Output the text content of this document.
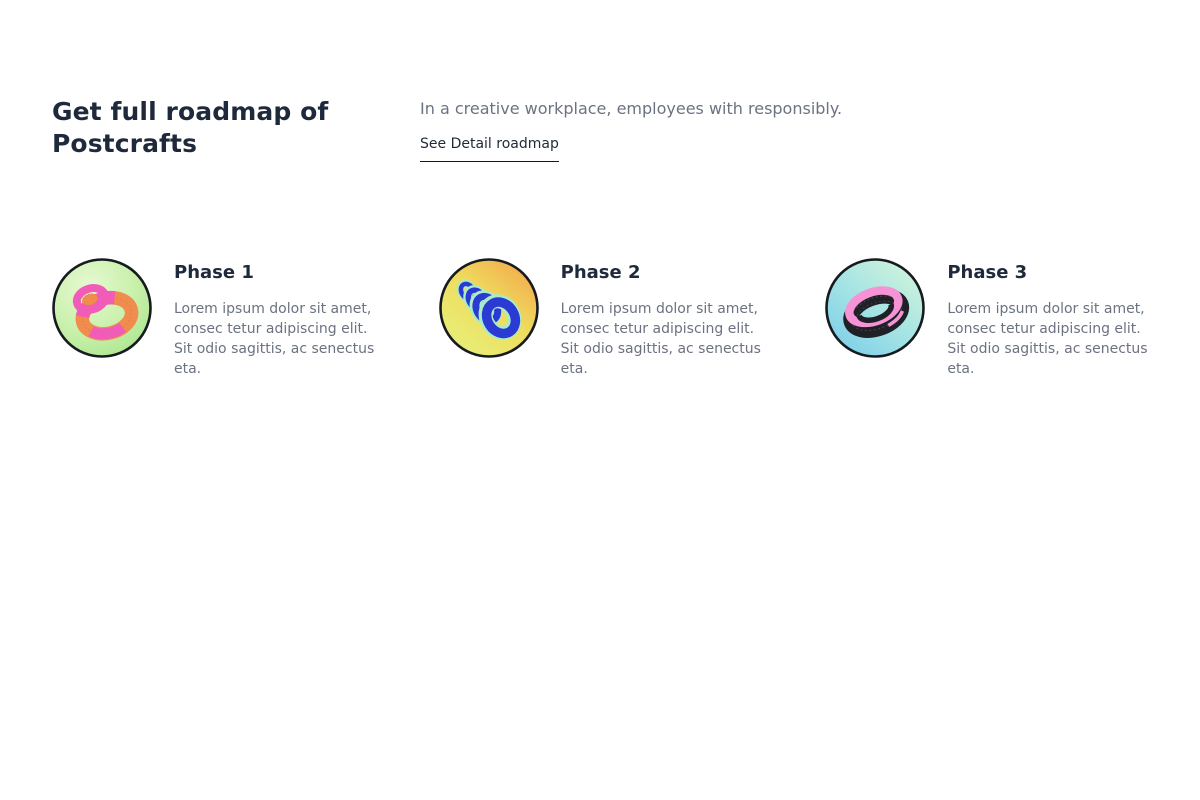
Get full roadmap of Postcrafts

In a creative workplace, employees with responsibly.

See Detail roadmap
Phase 1

Lorem ipsum dolor sit amet, consec tetur adipiscing elit. Sit odio sagittis, ac senectus eta.

Phase 2

Lorem ipsum dolor sit amet, consec tetur adipiscing elit. Sit odio sagittis, ac senectus eta.

Phase 3

Lorem ipsum dolor sit amet, consec tetur adipiscing elit. Sit odio sagittis, ac senectus eta.
